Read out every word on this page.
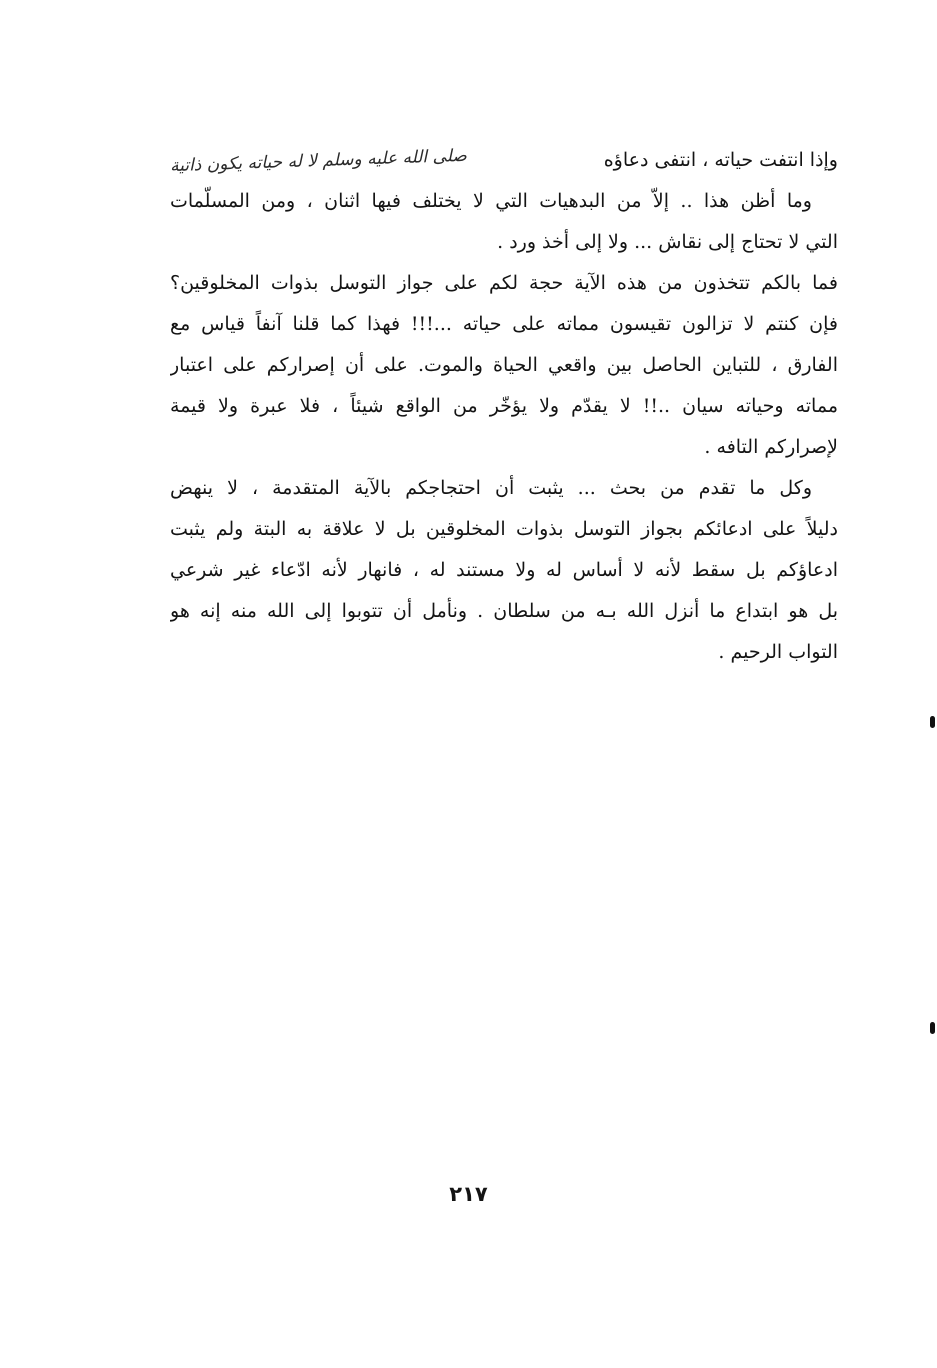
وإذا انتفت حياته ، انتفى دعاؤه صلى الله عليه وسلم لا له حياته يكون ذاتية
وما أظن هذا .. إلاّ من البدهيات التي لا يختلف فيها اثنان ، ومن المسلّمات
التي لا تحتاج إلى نقاش ... ولا إلى أخذ ورد .
فما بالكم تتخذون من هذه الآية حجة لكم على جواز التوسل بذوات المخلوقين؟
فإن كنتم لا تزالون تقيسون مماته على حياته ...!!! فهذا كما قلنا آنفاً قياس مع
الفارق ، للتباين الحاصل بين واقعي الحياة والموت. على أن إصراركم على اعتبار
مماته وحياته سيان ..!! لا يقدّم ولا يؤخّر من الواقع شيئاً ، فلا عبرة ولا قيمة
لإصراركم التافه .
وكل ما تقدم من بحث ... يثبت أن احتجاجكم بالآية المتقدمة ، لا ينهض
دليلاً على ادعائكم بجواز التوسل بذوات المخلوقين بل لا علاقة به البتة ولم يثبت
ادعاؤكم بل سقط لأنه لا أساس له ولا مستند له ، فانهار لأنه ادّعاء غير شرعي
بل هو ابتداع ما أنزل الله بـه من سلطان . ونأمل أن تتوبوا إلى الله منه إنه هو
التواب الرحيم .
٢١٧
